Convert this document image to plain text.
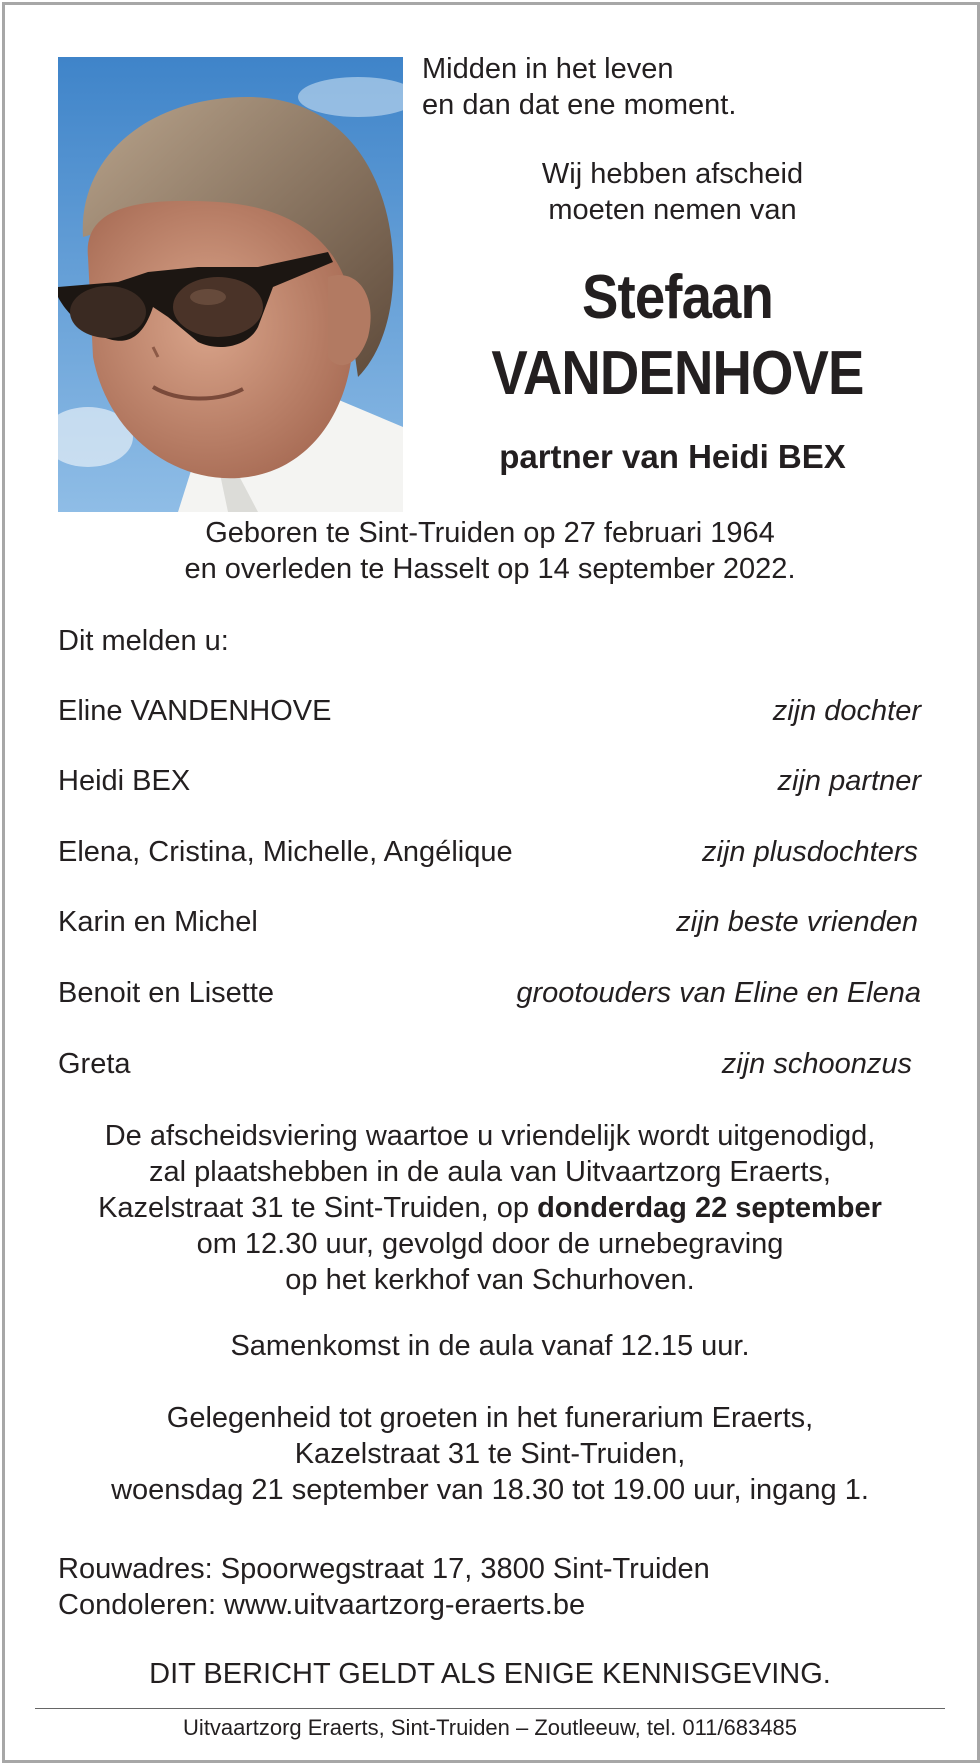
Midden in het leven
en dan dat ene moment.
Wij hebben afscheid
moeten nemen van
Stefaan
VANDENHOVE
partner van Heidi BEX
Geboren te Sint-Truiden op 27 februari 1964
en overleden te Hasselt op 14 september 2022.
Dit melden u:
Eline VANDENHOVE	zijn dochter
Heidi BEX	zijn partner
Elena, Cristina, Michelle, Angélique	zijn plusdochters
Karin en Michel	zijn beste vrienden
Benoit en Lisette	grootouders van Eline en Elena
Greta	zijn schoonzus
De afscheidsviering waartoe u vriendelijk wordt uitgenodigd,
zal plaatshebben in de aula van Uitvaartzorg Eraerts,
Kazelstraat 31 te Sint-Truiden, op donderdag 22 september
om 12.30 uur, gevolgd door de urnebegraving
op het kerkhof van Schurhoven.
Samenkomst in de aula vanaf 12.15 uur.
Gelegenheid tot groeten in het funerarium Eraerts,
Kazelstraat 31 te Sint-Truiden,
woensdag 21 september van 18.30 tot 19.00 uur, ingang 1.
Rouwadres: Spoorwegstraat 17, 3800 Sint-Truiden
Condoleren: www.uitvaartzorg-eraerts.be
DIT BERICHT GELDT ALS ENIGE KENNISGEVING.
Uitvaartzorg Eraerts, Sint-Truiden – Zoutleeuw, tel. 011/683485
